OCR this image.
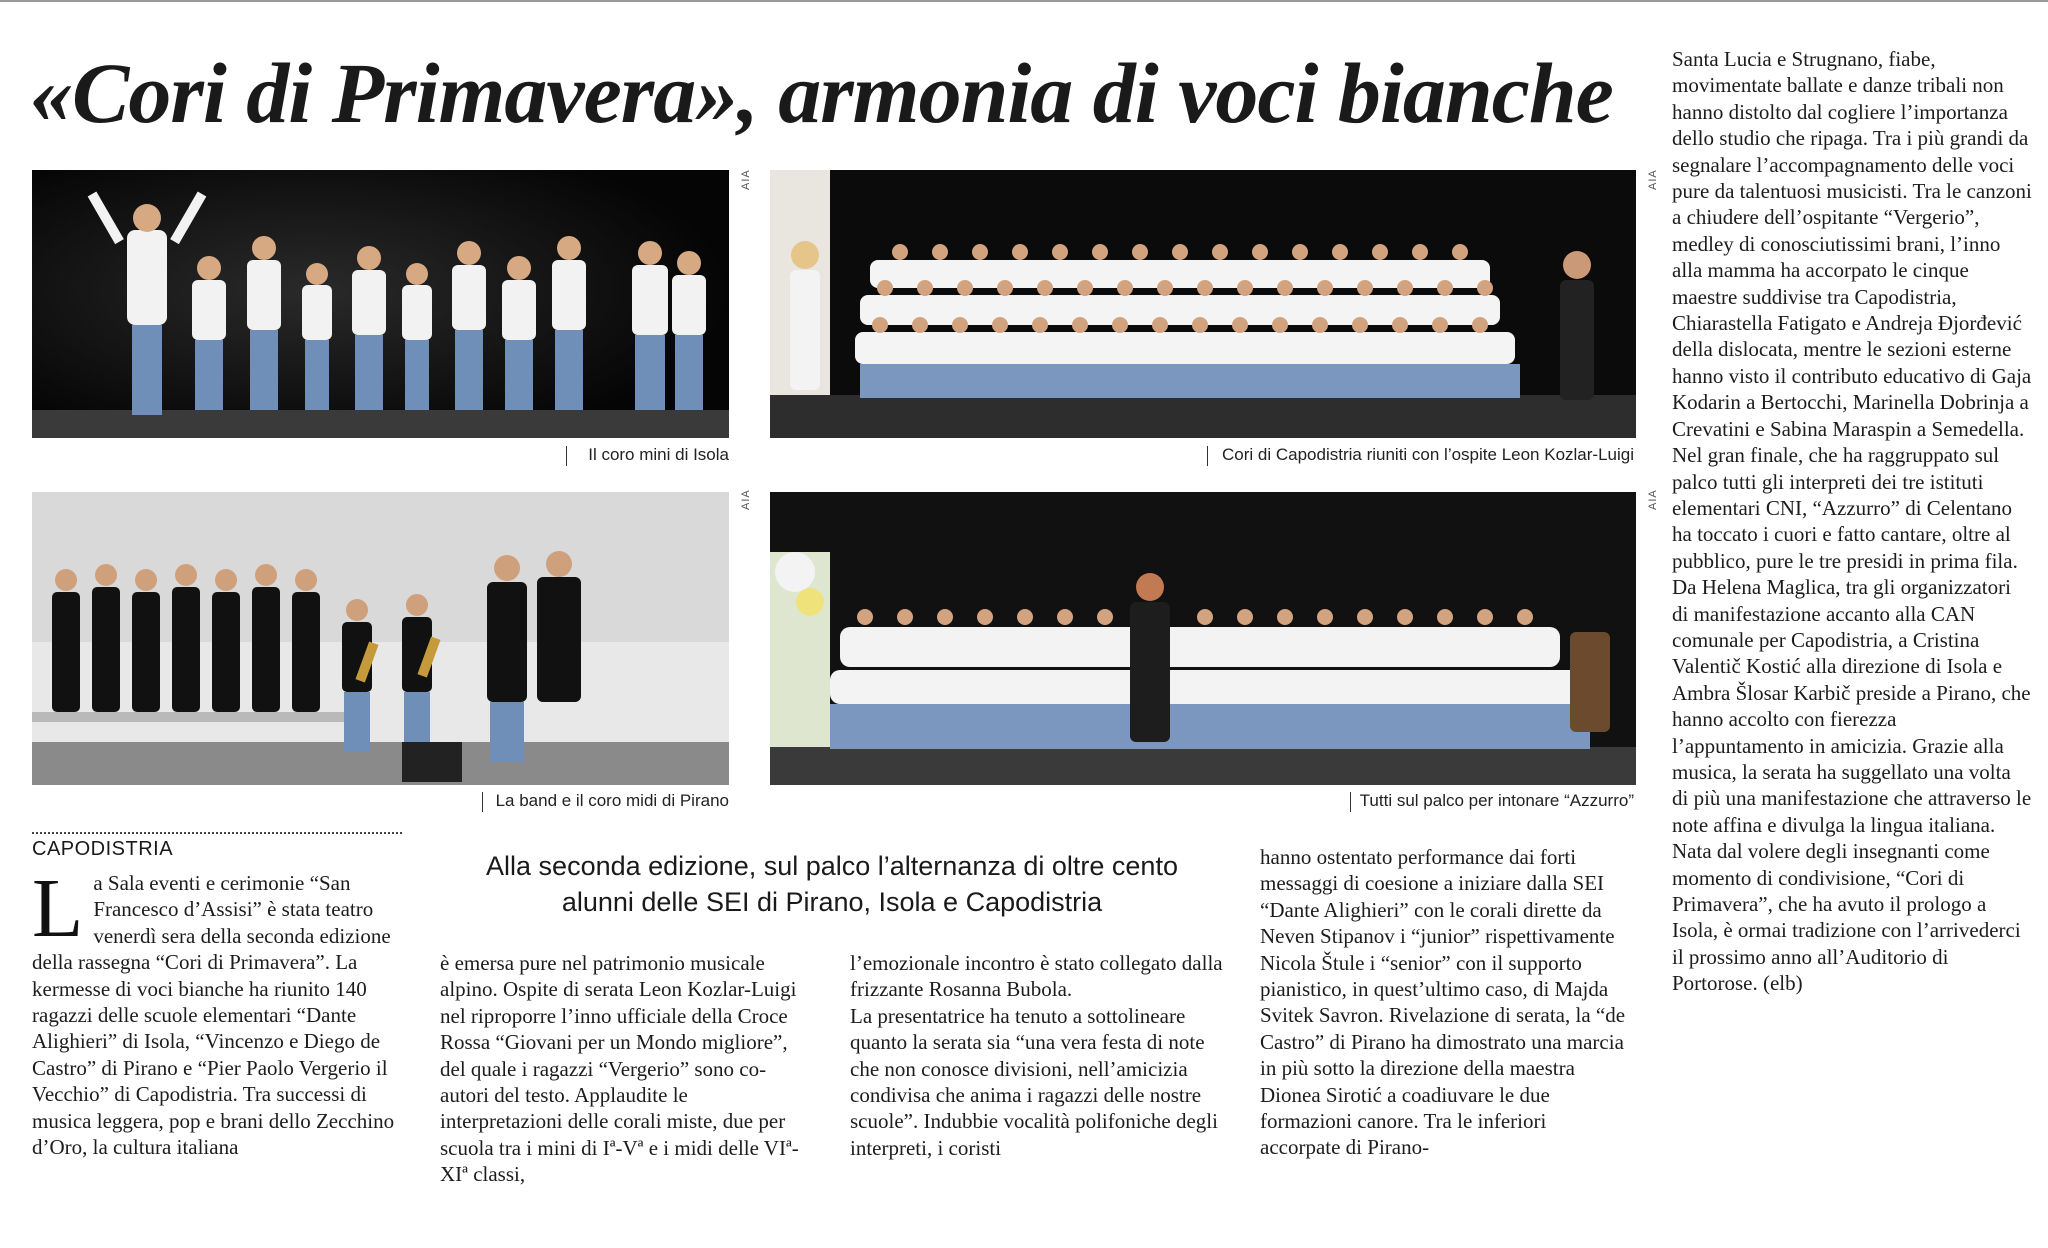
«Cori di Primavera», armonia di voci bianche
AIA
Il coro mini di Isola
AIA
Cori di Capodistria riuniti con l’ospite Leon Kozlar-Luigi
AIA
La band e il coro midi di Pirano
AIA
Tutti sul palco per intonare “Azzurro”
CAPODISTRIA
Alla seconda edizione, sul palco l’alternanza di oltre cento alunni delle SEI di Pirano, Isola e Capodistria
L a Sala eventi e cerimonie “San Francesco d’Assisi” è stata teatro venerdì sera della seconda edizione della rassegna “Cori di Primavera”. La kermesse di voci bianche ha riunito 140 ragazzi delle scuole elementari “Dante Alighieri” di Isola, “Vincenzo e Diego de Castro” di Pirano e “Pier Paolo Vergerio il Vecchio” di Capodistria. Tra successi di musica leggera, pop e brani dello Zecchino d’Oro, la cultura italiana
è emersa pure nel patrimonio musicale alpino. Ospite di serata Leon Kozlar-Luigi nel riproporre l’inno ufficiale della Croce Rossa “Giovani per un Mondo migliore”, del quale i ragazzi “Vergerio” sono co-autori del testo. Applaudite le interpretazioni delle corali miste, due per scuola tra i mini di Iª-Vª e i midi delle VIª-XIª classi,

l’emozionale incontro è stato collegato dalla frizzante Rosanna Bubola.

La presentatrice ha tenuto a sottolineare quanto la serata sia “una vera festa di note che non conosce divisioni, nell’amicizia condivisa che anima i ragazzi delle nostre scuole”. Indubbie vocalità polifoniche degli interpreti, i coristi

hanno ostentato performance dai forti messaggi di coesione a iniziare dalla SEI “Dante Alighieri” con le corali dirette da Neven Stipanov i “junior” rispettivamente Nicola Štule i “senior” con il supporto pianistico, in quest’ultimo caso, di Majda Svitek Savron. Rivelazione di serata, la “de Castro” di Pirano ha dimostrato una marcia in più sotto la direzione della maestra Dionea Sirotić a coadiuvare le due formazioni canore. Tra le inferiori accorpate di Pirano-
Santa Lucia e Strugnano, fiabe, movimentate ballate e danze tribali non hanno distolto dal cogliere l’importanza dello studio che ripaga. Tra i più grandi da segnalare l’accompagnamento delle voci pure da talentuosi musicisti. Tra le canzoni a chiudere dell’ospitante “Vergerio”, medley di conosciutissimi brani, l’inno alla mamma ha accorpato le cinque maestre suddivise tra Capodistria, Chiarastella Fatigato e Andreja Đjorđević della dislocata, mentre le sezioni esterne hanno visto il contributo educativo di Gaja Kodarin a Bertocchi, Marinella Dobrinja a Crevatini e Sabina Maraspin a Semedella. Nel gran finale, che ha raggruppato sul palco tutti gli interpreti dei tre istituti elementari CNI, “Azzurro” di Celentano ha toccato i cuori e fatto cantare, oltre al pubblico, pure le tre presidi in prima fila. Da Helena Maglica, tra gli organizzatori di manifestazione accanto alla CAN comunale per Capodistria, a Cristina Valentič Kostić alla direzione di Isola e Ambra Šlosar Karbič preside a Pirano, che hanno accolto con fierezza l’appuntamento in amicizia. Grazie alla musica, la serata ha suggellato una volta di più una manifestazione che attraverso le note affina e divulga la lingua italiana. Nata dal volere degli insegnanti come momento di condivisione, “Cori di Primavera”, che ha avuto il prologo a Isola, è ormai tradizione con l’arrivederci il prossimo anno all’Auditorio di Portorose. (elb)
